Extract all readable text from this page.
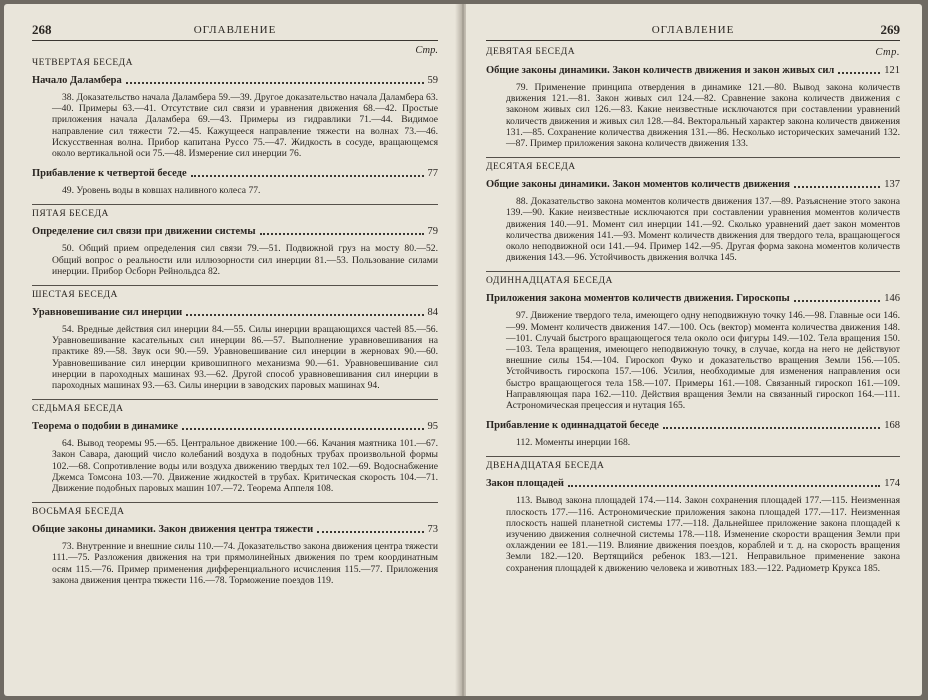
268	ОГЛАВЛЕНИЕ
Стр.
ЧЕТВЕРТАЯ БЕСЕДА
Начало Даламбера	59
38. Доказательство начала Даламбера 59.—39. Другое доказательство начала Даламбера 63.—40. Примеры 63.—41. Отсутствие сил связи и уравнения движения 68.—42. Простые приложения начала Даламбера 69.—43. Примеры из гидравлики 71.—44. Видимое направление сил тяжести 72.—45. Кажущееся направление тяжести на волнах 73.—46. Искусственная волна. Прибор капитана Руссо 75.—47. Жидкость в сосуде, вращающемся около вертикальной оси 75.—48. Измерение сил инерции 76.
Прибавление к четвертой беседе	77
49. Уровень воды в ковшах наливного колеса 77.
ПЯТАЯ БЕСЕДА
Определение сил связи при движении системы	79
50. Общий прием определения сил связи 79.—51. Подвижной груз на мосту 80.—52. Общий вопрос о реальности или иллюзорности сил инерции 81.—53. Пользование силами инерции. Прибор Осборн Рейнольдса 82.
ШЕСТАЯ БЕСЕДА
Уравновешивание сил инерции	84
54. Вредные действия сил инерции 84.—55. Силы инерции вращающихся частей 85.—56. Уравновешивание касательных сил инерции 86.—57. Выполнение уравновешивания на практике 89.—58. Звук оси 90.—59. Уравновешивание сил инерции в жерновах 90.—60. Уравновешивание сил инерции кривошипного механизма 90.—61. Уравновешивание сил инерции в пароходных машинах 93.—62. Другой способ уравновешивания сил инерции в пароходных машинах 93.—63. Силы инерции в заводских паровых машинах 94.
СЕДЬМАЯ БЕСЕДА
Теорема о подобии в динамике	95
64. Вывод теоремы 95.—65. Центральное движение 100.—66. Качания маятника 101.—67. Закон Савара, дающий число колебаний воздуха в подобных трубах произвольной формы 102.—68. Сопротивление воды или воздуха движению твердых тел 102.—69. Водоснабжение Джемса Томсона 103.—70. Движение жидкостей в трубах. Критическая скорость 104.—71. Движение подобных паровых машин 107.—72. Теорема Аппеля 108.
ВОСЬМАЯ БЕСЕДА
Общие законы динамики. Закон движения центра тяжести	73
73. Внутренние и внешние силы 110.—74. Доказательство закона движения центра тяжести 111.—75. Разложения движения на три прямолинейных движения по трем координатным осям 115.—76. Пример применения дифференциального исчисления 115.—77. Приложения закона движения центра тяжести 116.—78. Торможение поездов 119.
ОГЛАВЛЕНИЕ	269
ДЕВЯТАЯ БЕСЕДА	Стр.
Общие законы динамики. Закон количеств движения и закон живых сил	121
79. Применение принципа отвердения в динамике 121.—80. Вывод закона количеств движения 121.—81. Закон живых сил 124.—82. Сравнение закона количеств движения с законом живых сил 126.—83. Какие неизвестные исключаются при составлении уравнений количеств движения и живых сил 128.—84. Векторальный характер закона количеств движения 131.—85. Сохранение количества движения 131.—86. Несколько исторических замечаний 132.—87. Пример приложения закона количеств движения 133.
ДЕСЯТАЯ БЕСЕДА
Общие законы динамики. Закон моментов количеств движения	137
88. Доказательство закона моментов количеств движения 137.—89. Разъяснение этого закона 139.—90. Какие неизвестные исключаются при составлении уравнения моментов количеств движения 140.—91. Момент сил инерции 141.—92. Сколько уравнений дает закон моментов количества движения 141.—93. Момент количеств движения для твердого тела, вращающегося около неподвижной оси 141.—94. Пример 142.—95. Другая форма закона моментов количеств движения 143.—96. Устойчивость движения волчка 145.
ОДИННАДЦАТАЯ БЕСЕДА
Приложения закона моментов количеств движения. Гироскопы	146
97. Движение твердого тела, имеющего одну неподвижную точку 146.—98. Главные оси 146.—99. Момент количеств движения 147.—100. Ось (вектор) момента количества движения 148.—101. Случай быстрого вращающегося тела около оси фигуры 149.—102. Тела вращения 150.—103. Тела вращения, имеющего неподвижную точку, в случае, когда на него не действуют внешние силы 154.—104. Гироскоп Фуко и доказательство вращения Земли 156.—105. Устойчивость гироскопа 157.—106. Усилия, необходимые для изменения направления оси быстро вращающегося тела 158.—107. Примеры 161.—108. Связанный гироскоп 161.—109. Направляющая пара 162.—110. Действия вращения Земли на связанный гироскоп 164.—111. Астрономическая прецессия и нутация 165.
Прибавление к одиннадцатой беседе	168
112. Моменты инерции 168.
ДВЕНАДЦАТАЯ БЕСЕДА
Закон площадей	174
113. Вывод закона площадей 174.—114. Закон сохранения площадей 177.—115. Неизменная плоскость 177.—116. Астрономические приложения закона площадей 177.—117. Неизменная плоскость нашей планетной системы 177.—118. Дальнейшее приложение закона площадей к изучению движения солнечной системы 178.—118. Изменение скорости вращения Земли при охлаждении ее 181.—119. Влияние движения поездов, кораблей и т. д. на скорость вращения Земли 182.—120. Вертящийся ребенок 183.—121. Неправильное применение закона сохранения площадей к движению человека и животных 183.—122. Радиометр Крукса 185.
